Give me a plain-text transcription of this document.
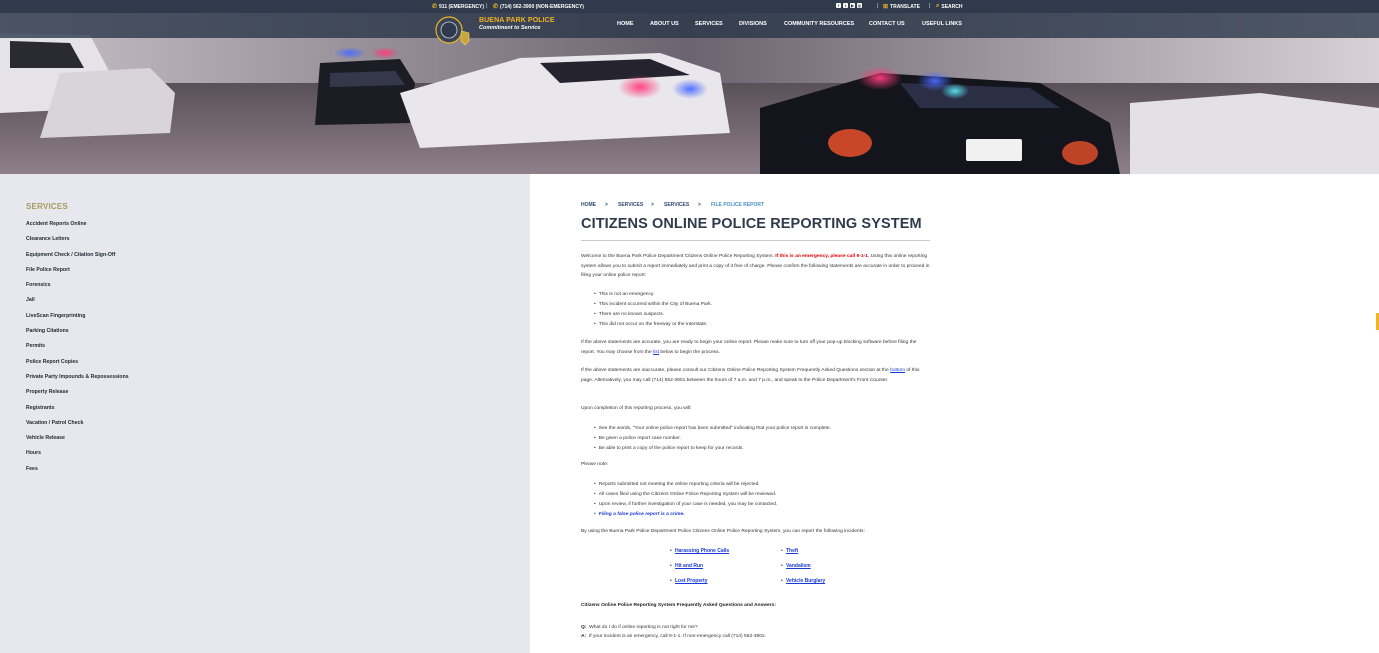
✆ 911 (EMERGENCY) | ✆ (714) 562-3900 (NON-EMERGENCY)	f	t	▶ ◎	| ⊞ TRANSLATE | ⌕ SEARCH
BUENA PARK POLICE
Commitment to Service
HOME	ABOUT US	SERVICES	DIVISIONS	COMMUNITY RESOURCES	CONTACT US	USEFUL LINKS
SERVICES
Accident Reports Online
Clearance Letters
Equipment Check / Citation Sign-Off
File Police Report
Forensics
Jail
LiveScan Fingerprinting
Parking Citations
Permits
Police Report Copies
Private Party Impounds & Repossessions
Property Release
Registrants
Vacation / Patrol Check
Vehicle Release
Hours
Fees
HOME > SERVICES > SERVICES > FILE POLICE REPORT
CITIZENS ONLINE POLICE REPORTING SYSTEM
Welcome to the Buena Park Police Department Citizens Online Police Reporting System. If this is an emergency, please call 9-1-1. Using this online reporting system allows you to submit a report immediately and print a copy of it free of charge. Please confirm the following statements are accurate in order to proceed in filing your online police report:
• This is not an emergency.
• This incident occurred within the City of Buena Park.
• There are no known suspects.
• This did not occur on the freeway or the interstate.
If the above statements are accurate, you are ready to begin your online report. Please make sure to turn off your pop-up blocking software before filing the report. You may choose from the list below to begin the process.
If the above statements are inaccurate, please consult our Citizens Online Police Reporting System Frequently Asked Questions section at the bottom of this page. Alternatively, you may call (714) 562-3901 between the hours of 7 a.m. and 7 p.m., and speak to the Police Department's Front Counter.
Upon completion of this reporting process, you will:
• See the words, "Your online police report has been submitted" indicating that your police report is complete.
• Be given a police report case number.
• Be able to print a copy of the police report to keep for your records.
Please note:
• Reports submitted not meeting the online reporting criteria will be rejected.
• All cases filed using the Citizens Online Police Reporting System will be reviewed.
• Upon review, if further investigation of your case is needed, you may be contacted.
• Filing a false police report is a crime.
By using the Buena Park Police Department Police Citizens Online Police Reporting System, you can report the following incidents:
• Harassing Phone Calls
• Hit and Run
• Lost Property
• Theft
• Vandalism
• Vehicle Burglary
Citizens Online Police Reporting System Frequently Asked Questions and Answers:
Q: What do I do if online reporting is not right for me?
A: If your incident is an emergency, call 9-1-1. If non-emergency call (714) 562-3902.
